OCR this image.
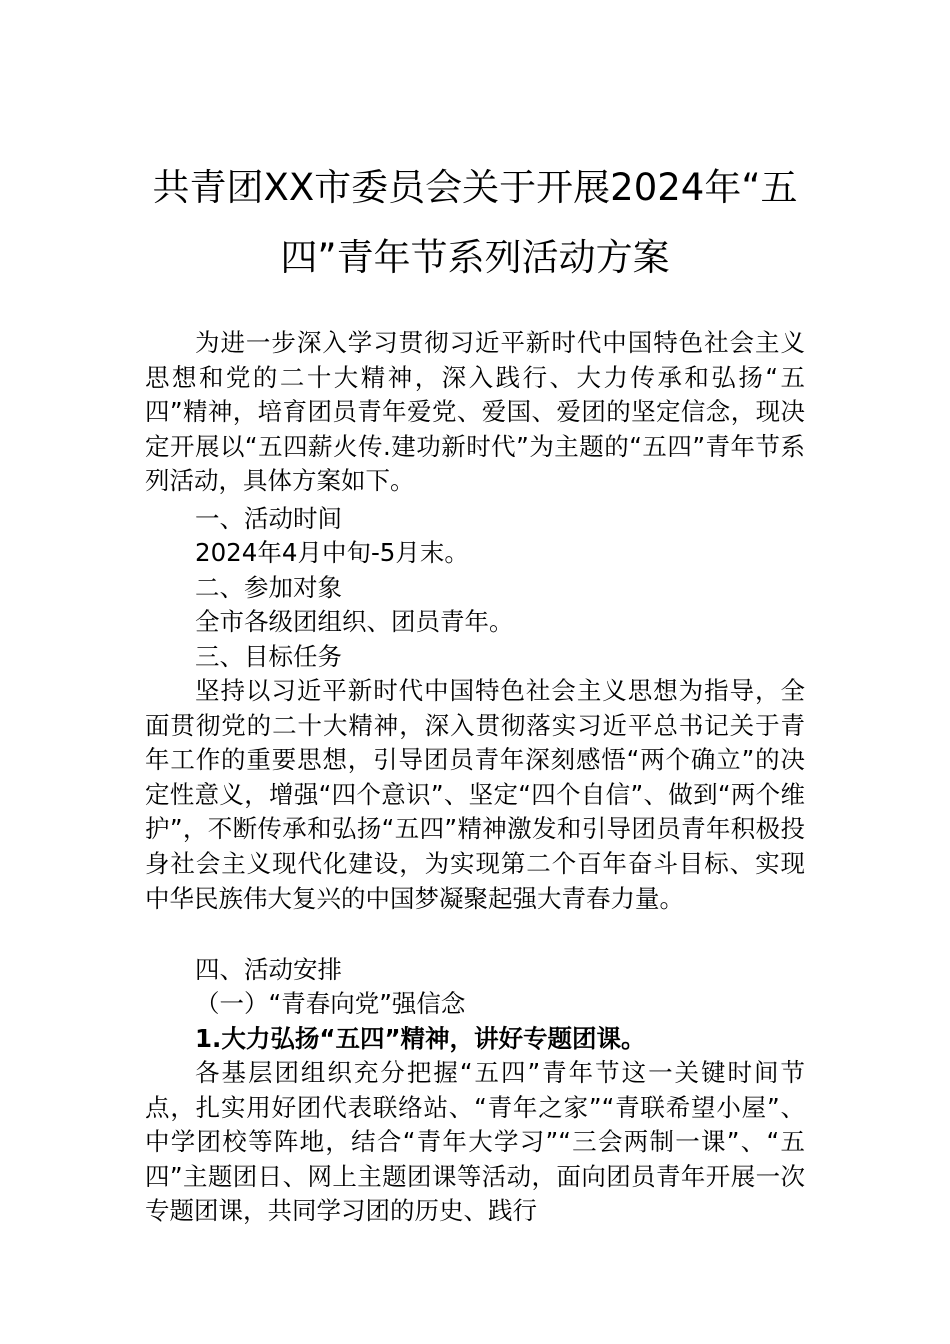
共青团XX市委员会关于开展2024年“五
四”青年节系列活动方案

为进一步深入学习贯彻习近平新时代中国特色社会主义思想和党的二十大精神，深入践行、大力传承和弘扬“五四”精神，培育团员青年爱党、爱国、爱团的坚定信念，现决定开展以“五四薪火传.建功新时代”为主题的“五四”青年节系列活动，具体方案如下。

一、活动时间

2024年4月中旬-5月末。

二、参加对象

全市各级团组织、团员青年。

三、目标任务

坚持以习近平新时代中国特色社会主义思想为指导，全面贯彻党的二十大精神，深入贯彻落实习近平总书记关于青年工作的重要思想，引导团员青年深刻感悟“两个确立”的决定性意义，增强“四个意识”、坚定“四个自信”、做到“两个维护”，不断传承和弘扬“五四”精神激发和引导团员青年积极投身社会主义现代化建设，为实现第二个百年奋斗目标、实现中华民族伟大复兴的中国梦凝聚起强大青春力量。

四、活动安排

（一）“青春向党”强信念

1.大力弘扬“五四”精神，讲好专题团课。

各基层团组织充分把握“五四”青年节这一关键时间节点，扎实用好团代表联络站、“青年之家”“青联希望小屋”、中学团校等阵地，结合“青年大学习”“三会两制一课”、“五四”主题团日、网上主题团课等活动，面向团员青年开展一次专题团课，共同学习团的历史、践行
